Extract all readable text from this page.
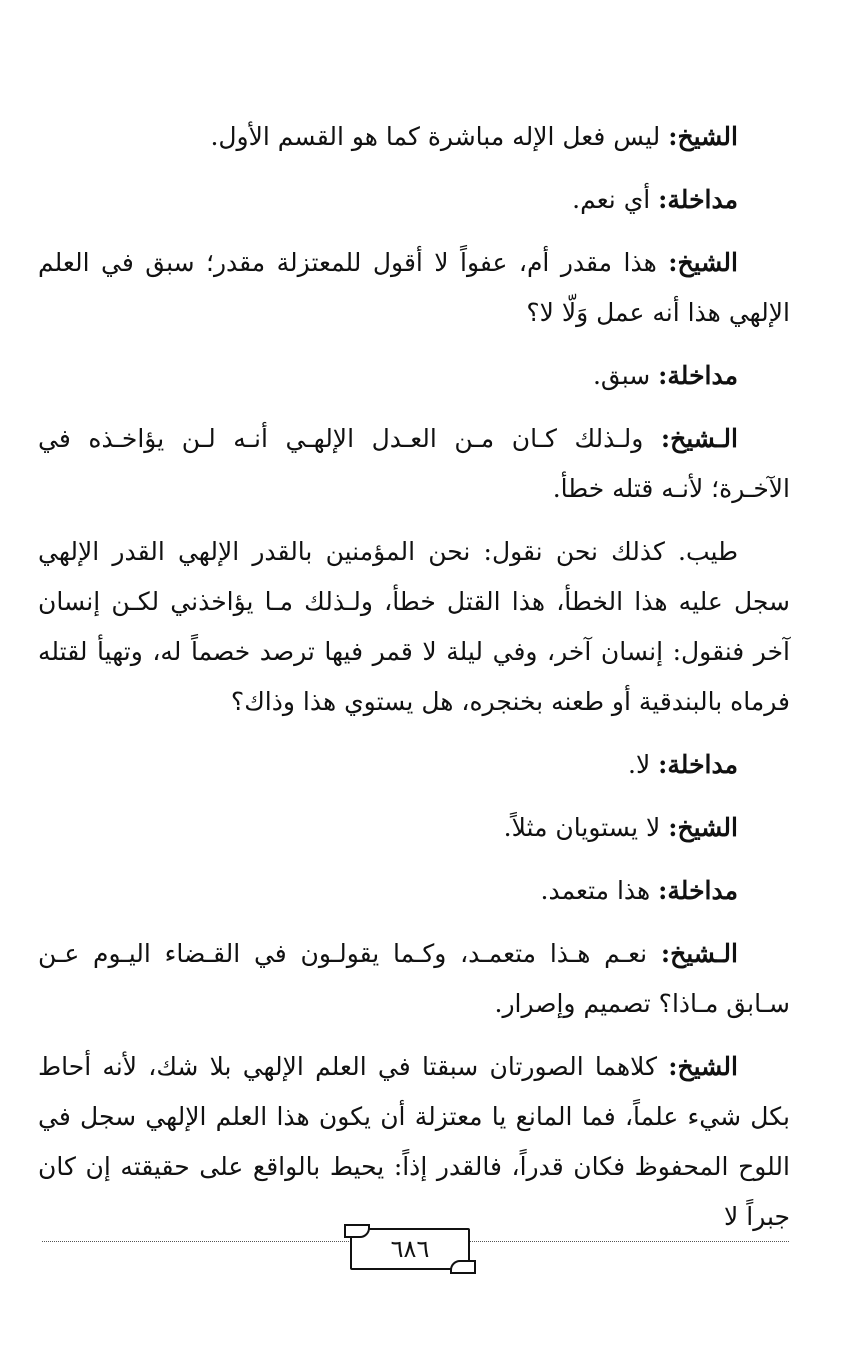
الشيخ: ليس فعل الإله مباشرة كما هو القسم الأول.

مداخلة: أي نعم.

الشيخ: هذا مقدر أم، عفواً لا أقول للمعتزلة مقدر؛ سبق في العلم الإلهي هذا أنه عمل وَلّا لا؟

مداخلة: سبق.

الـشيخ: ولـذلك كـان مـن العـدل الإلهـي أنـه لـن يؤاخـذه في الآخـرة؛ لأنـه قتله خطأ.

طيب. كذلك نحن نقول: نحن المؤمنين بالقدر الإلهي القدر الإلهي سجل عليه هذا الخطأ، هذا القتل خطأ، ولـذلك مـا يؤاخذني لكـن إنسان آخر فنقول: إنسان آخر، وفي ليلة لا قمر فيها ترصد خصماً له، وتهيأ لقتله فرماه بالبندقية أو طعنه بخنجره، هل يستوي هذا وذاك؟

مداخلة: لا.

الشيخ: لا يستويان مثلاً.

مداخلة: هذا متعمد.

الـشيخ: نعـم هـذا متعمـد، وكـما يقولـون في القـضاء اليـوم عـن سـابق مـاذا؟ تصميم وإصرار.

الشيخ: كلاهما الصورتان سبقتا في العلم الإلهي بلا شك، لأنه أحاط بكل شيء علماً، فما المانع يا معتزلة أن يكون هذا العلم الإلهي سجل في اللوح المحفوظ فكان قدراً، فالقدر إذاً: يحيط بالواقع على حقيقته إن كان جبراً لا

٦٨٦
